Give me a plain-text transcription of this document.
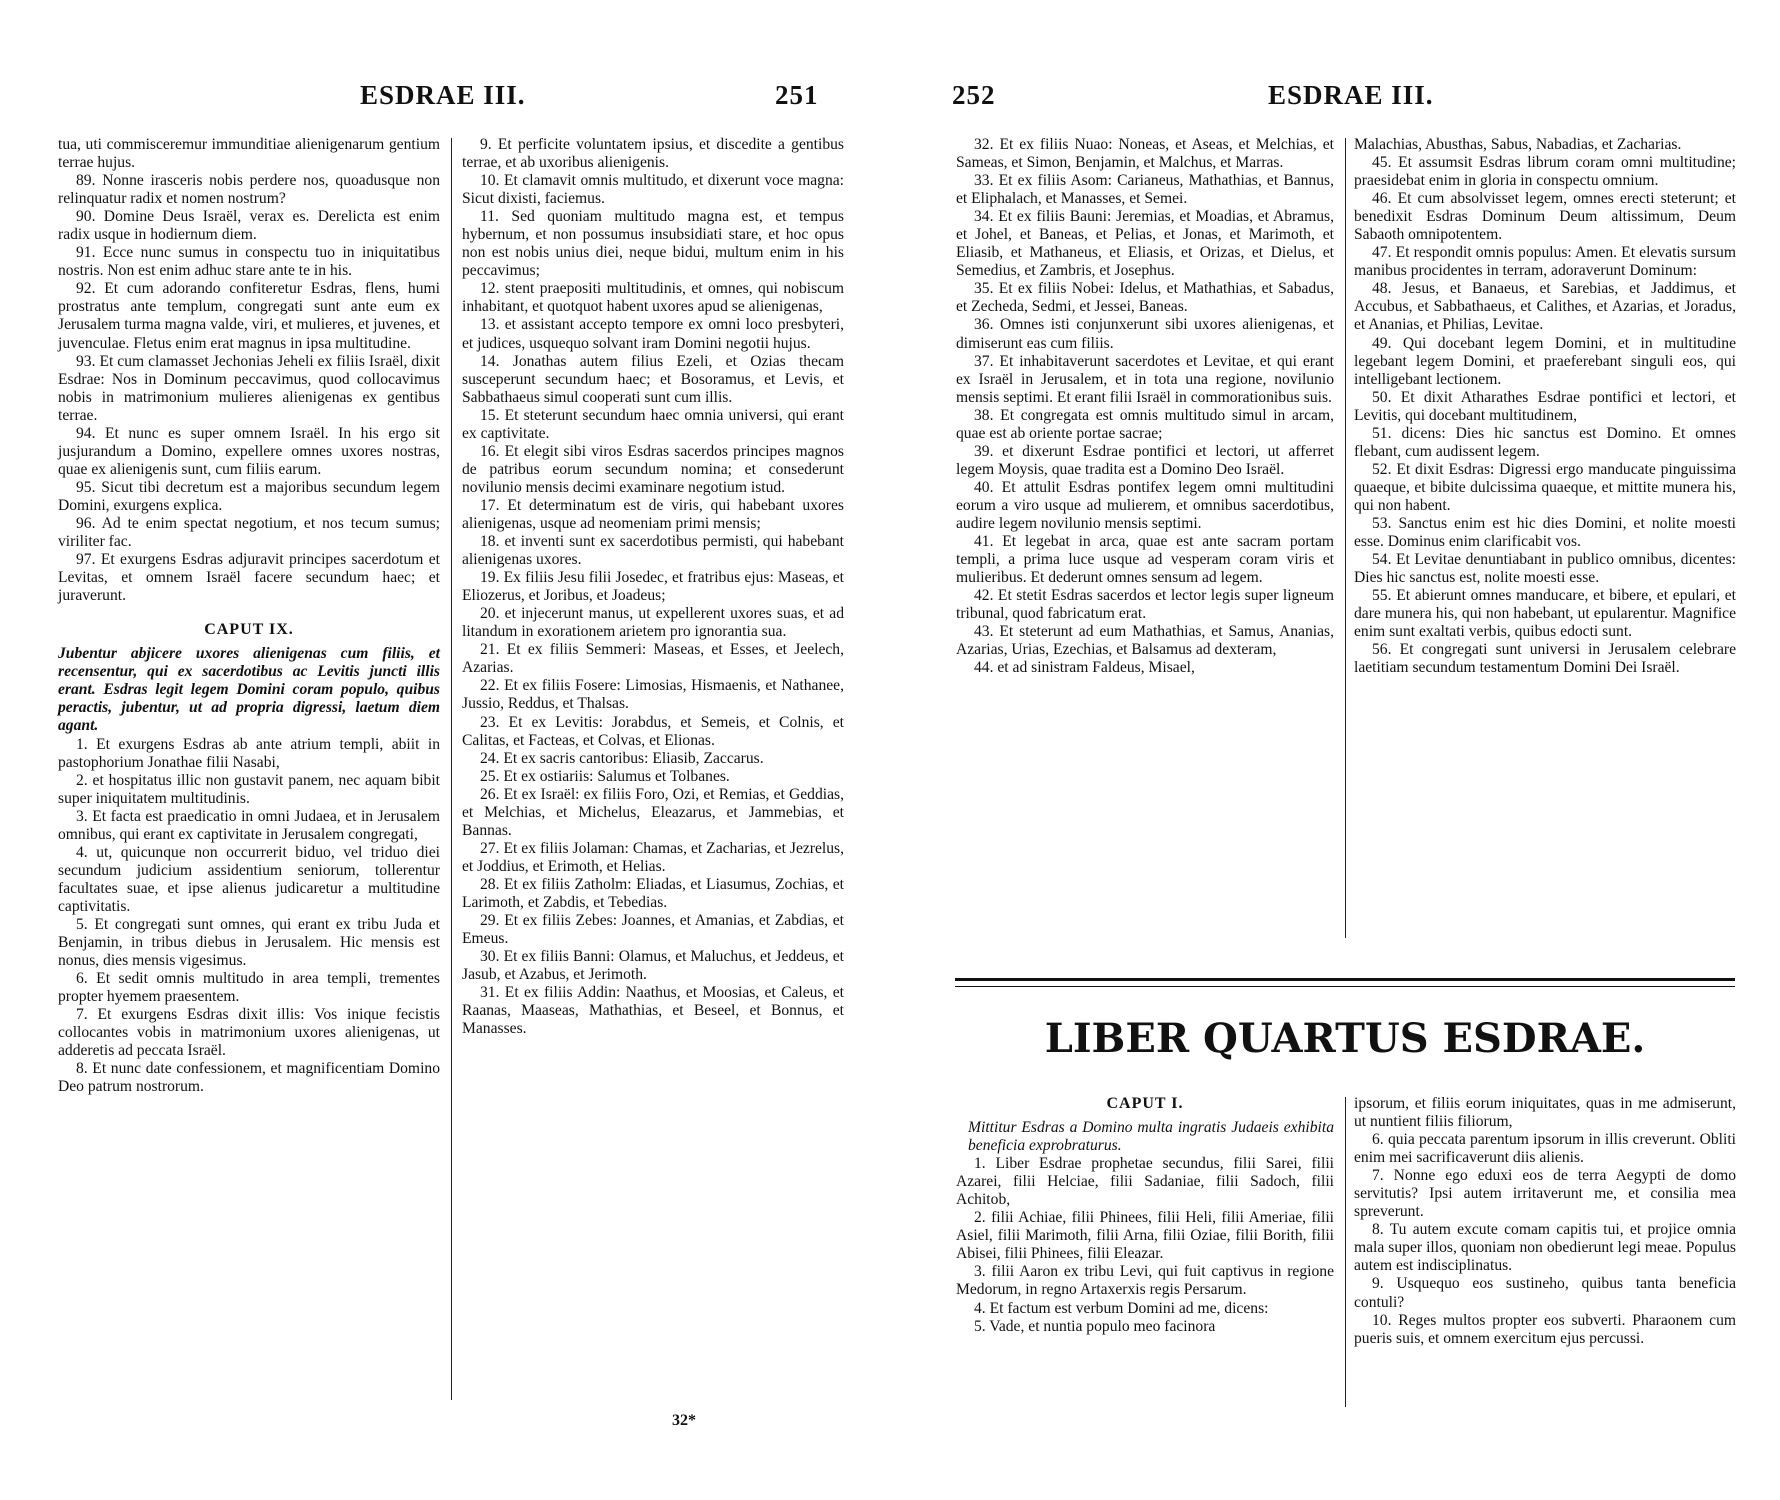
ESDRAE III.	251

tua, uti commisceremur immunditiae alienigenarum gentium terrae hujus.

89. Nonne irasceris nobis perdere nos, quoadusque non relinquatur radix et nomen nostrum?

90. Domine Deus Israël, verax es. Derelicta est enim radix usque in hodiernum diem.

91. Ecce nunc sumus in conspectu tuo in iniquitatibus nostris. Non est enim adhuc stare ante te in his.

92. Et cum adorando confiteretur Esdras, flens, humi prostratus ante templum, congregati sunt ante eum ex Jerusalem turma magna valde, viri, et mulieres, et juvenes, et juvenculae. Fletus enim erat magnus in ipsa multitudine.

93. Et cum clamasset Jechonias Jeheli ex filiis Israël, dixit Esdrae: Nos in Dominum peccavimus, quod collocavimus nobis in matrimonium mulieres alienigenas ex gentibus terrae.

94. Et nunc es super omnem Israël. In his ergo sit jusjurandum a Domino, expellere omnes uxores nostras, quae ex alienigenis sunt, cum filiis earum.

95. Sicut tibi decretum est a majoribus secundum legem Domini, exurgens explica.

96. Ad te enim spectat negotium, et nos tecum sumus; viriliter fac.

97. Et exurgens Esdras adjuravit principes sacerdotum et Levitas, et omnem Israël facere secundum haec; et juraverunt.

CAPUT IX.

Jubentur abjicere uxores alienigenas cum filiis, et recensentur, qui ex sacerdotibus ac Levitis juncti illis erant. Esdras legit legem Domini coram populo, quibus peractis, jubentur, ut ad propria digressi, laetum diem agant.

1. Et exurgens Esdras ab ante atrium templi, abiit in pastophorium Jonathae filii Nasabi,

2. et hospitatus illic non gustavit panem, nec aquam bibit super iniquitatem multitudinis.

3. Et facta est praedicatio in omni Judaea, et in Jerusalem omnibus, qui erant ex captivitate in Jerusalem congregati,

4. ut, quicunque non occurrerit biduo, vel triduo diei secundum judicium assidentium seniorum, tollerentur facultates suae, et ipse alienus judicaretur a multitudine captivitatis.

5. Et congregati sunt omnes, qui erant ex tribu Juda et Benjamin, in tribus diebus in Jerusalem. Hic mensis est nonus, dies mensis vigesimus.

6. Et sedit omnis multitudo in area templi, trementes propter hyemem praesentem.

7. Et exurgens Esdras dixit illis: Vos inique fecistis collocantes vobis in matrimonium uxores alienigenas, ut adderetis ad peccata Israël.

8. Et nunc date confessionem, et magnificentiam Domino Deo patrum nostrorum.

9. Et perficite voluntatem ipsius, et discedite a gentibus terrae, et ab uxoribus alienigenis.

10. Et clamavit omnis multitudo, et dixerunt voce magna: Sicut dixisti, faciemus.

11. Sed quoniam multitudo magna est, et tempus hybernum, et non possumus insubsidiati stare, et hoc opus non est nobis unius diei, neque bidui, multum enim in his peccavimus;

12. stent praepositi multitudinis, et omnes, qui nobiscum inhabitant, et quotquot habent uxores apud se alienigenas,

13. et assistant accepto tempore ex omni loco presbyteri, et judices, usquequo solvant iram Domini negotii hujus.

14. Jonathas autem filius Ezeli, et Ozias thecam susceperunt secundum haec; et Bosoramus, et Levis, et Sabbathaeus simul cooperati sunt cum illis.

15. Et steterunt secundum haec omnia universi, qui erant ex captivitate.

16. Et elegit sibi viros Esdras sacerdos principes magnos de patribus eorum secundum nomina; et consederunt novilunio mensis decimi examinare negotium istud.

17. Et determinatum est de viris, qui habebant uxores alienigenas, usque ad neomeniam primi mensis;

18. et inventi sunt ex sacerdotibus permisti, qui habebant alienigenas uxores.

19. Ex filiis Jesu filii Josedec, et fratribus ejus: Maseas, et Eliozerus, et Joribus, et Joadeus;

20. et injecerunt manus, ut expellerent uxores suas, et ad litandum in exorationem arietem pro ignorantia sua.

21. Et ex filiis Semmeri: Maseas, et Esses, et Jeelech, Azarias.

22. Et ex filiis Fosere: Limosias, Hismaenis, et Nathanee, Jussio, Reddus, et Thalsas.

23. Et ex Levitis: Jorabdus, et Semeis, et Colnis, et Calitas, et Facteas, et Colvas, et Elionas.

24. Et ex sacris cantoribus: Eliasib, Zaccarus.

25. Et ex ostiariis: Salumus et Tolbanes.

26. Et ex Israël: ex filiis Foro, Ozi, et Remias, et Geddias, et Melchias, et Michelus, Eleazarus, et Jammebias, et Bannas.

27. Et ex filiis Jolaman: Chamas, et Zacharias, et Jezrelus, et Joddius, et Erimoth, et Helias.

28. Et ex filiis Zatholm: Eliadas, et Liasumus, Zochias, et Larimoth, et Zabdis, et Tebedias.

29. Et ex filiis Zebes: Joannes, et Amanias, et Zabdias, et Emeus.

30. Et ex filiis Banni: Olamus, et Maluchus, et Jeddeus, et Jasub, et Azabus, et Jerimoth.

31. Et ex filiis Addin: Naathus, et Moosias, et Caleus, et Raanas, Maaseas, Mathathias, et Beseel, et Bonnus, et Manasses.

32*
252	ESDRAE III.

32. Et ex filiis Nuao: Noneas, et Aseas, et Melchias, et Sameas, et Simon, Benjamin, et Malchus, et Marras.

33. Et ex filiis Asom: Carianeus, Mathathias, et Bannus, et Eliphalach, et Manasses, et Semei.

34. Et ex filiis Bauni: Jeremias, et Moadias, et Abramus, et Johel, et Baneas, et Pelias, et Jonas, et Marimoth, et Eliasib, et Mathaneus, et Eliasis, et Orizas, et Dielus, et Semedius, et Zambris, et Josephus.

35. Et ex filiis Nobei: Idelus, et Mathathias, et Sabadus, et Zecheda, Sedmi, et Jessei, Baneas.

36. Omnes isti conjunxerunt sibi uxores alienigenas, et dimiserunt eas cum filiis.

37. Et inhabitaverunt sacerdotes et Levitae, et qui erant ex Israël in Jerusalem, et in tota una regione, novilunio mensis septimi. Et erant filii Israël in commorationibus suis.

38. Et congregata est omnis multitudo simul in arcam, quae est ab oriente portae sacrae;

39. et dixerunt Esdrae pontifici et lectori, ut afferret legem Moysis, quae tradita est a Domino Deo Israël.

40. Et attulit Esdras pontifex legem omni multitudini eorum a viro usque ad mulierem, et omnibus sacerdotibus, audire legem novilunio mensis septimi.

41. Et legebat in arca, quae est ante sacram portam templi, a prima luce usque ad vesperam coram viris et mulieribus. Et dederunt omnes sensum ad legem.

42. Et stetit Esdras sacerdos et lector legis super ligneum tribunal, quod fabricatum erat.

43. Et steterunt ad eum Mathathias, et Samus, Ananias, Azarias, Urias, Ezechias, et Balsamus ad dexteram,

44. et ad sinistram Faldeus, Misael,

Malachias, Abusthas, Sabus, Nabadias, et Zacharias.

45. Et assumsit Esdras librum coram omni multitudine; praesidebat enim in gloria in conspectu omnium.

46. Et cum absolvisset legem, omnes erecti steterunt; et benedixit Esdras Dominum Deum altissimum, Deum Sabaoth omnipotentem.

47. Et respondit omnis populus: Amen. Et elevatis sursum manibus procidentes in terram, adoraverunt Dominum:

48. Jesus, et Banaeus, et Sarebias, et Jaddimus, et Accubus, et Sabbathaeus, et Calithes, et Azarias, et Joradus, et Ananias, et Philias, Levitae.

49. Qui docebant legem Domini, et in multitudine legebant legem Domini, et praeferebant singuli eos, qui intelligebant lectionem.

50. Et dixit Atharathes Esdrae pontifici et lectori, et Levitis, qui docebant multitudinem,

51. dicens: Dies hic sanctus est Domino. Et omnes flebant, cum audissent legem.

52. Et dixit Esdras: Digressi ergo manducate pinguissima quaeque, et bibite dulcissima quaeque, et mittite munera his, qui non habent.

53. Sanctus enim est hic dies Domini, et nolite moesti esse. Dominus enim clarificabit vos.

54. Et Levitae denuntiabant in publico omnibus, dicentes: Dies hic sanctus est, nolite moesti esse.

55. Et abierunt omnes manducare, et bibere, et epulari, et dare munera his, qui non habebant, ut epularentur. Magnifice enim sunt exaltati verbis, quibus edocti sunt.

56. Et congregati sunt universi in Jerusalem celebrare laetitiam secundum testamentum Domini Dei Israël.

LIBER QUARTUS ESDRAE.
CAPUT I.

Mittitur Esdras a Domino multa ingratis Judaeis exhibita beneficia exprobraturus.

1. Liber Esdrae prophetae secundus, filii Sarei, filii Azarei, filii Helciae, filii Sadaniae, filii Sadoch, filii Achitob,

2. filii Achiae, filii Phinees, filii Heli, filii Ameriae, filii Asiel, filii Marimoth, filii Arna, filii Oziae, filii Borith, filii Abisei, filii Phinees, filii Eleazar.

3. filii Aaron ex tribu Levi, qui fuit captivus in regione Medorum, in regno Artaxerxis regis Persarum.

4. Et factum est verbum Domini ad me, dicens:

5. Vade, et nuntia populo meo facinora

ipsorum, et filiis eorum iniquitates, quas in me admiserunt, ut nuntient filiis filiorum,

6. quia peccata parentum ipsorum in illis creverunt. Obliti enim mei sacrificaverunt diis alienis.

7. Nonne ego eduxi eos de terra Aegypti de domo servitutis? Ipsi autem irritaverunt me, et consilia mea spreverunt.

8. Tu autem excute comam capitis tui, et projice omnia mala super illos, quoniam non obedierunt legi meae. Populus autem est indisciplinatus.

9. Usquequo eos sustineho, quibus tanta beneficia contuli?

10. Reges multos propter eos subverti. Pharaonem cum pueris suis, et omnem exercitum ejus percussi.
